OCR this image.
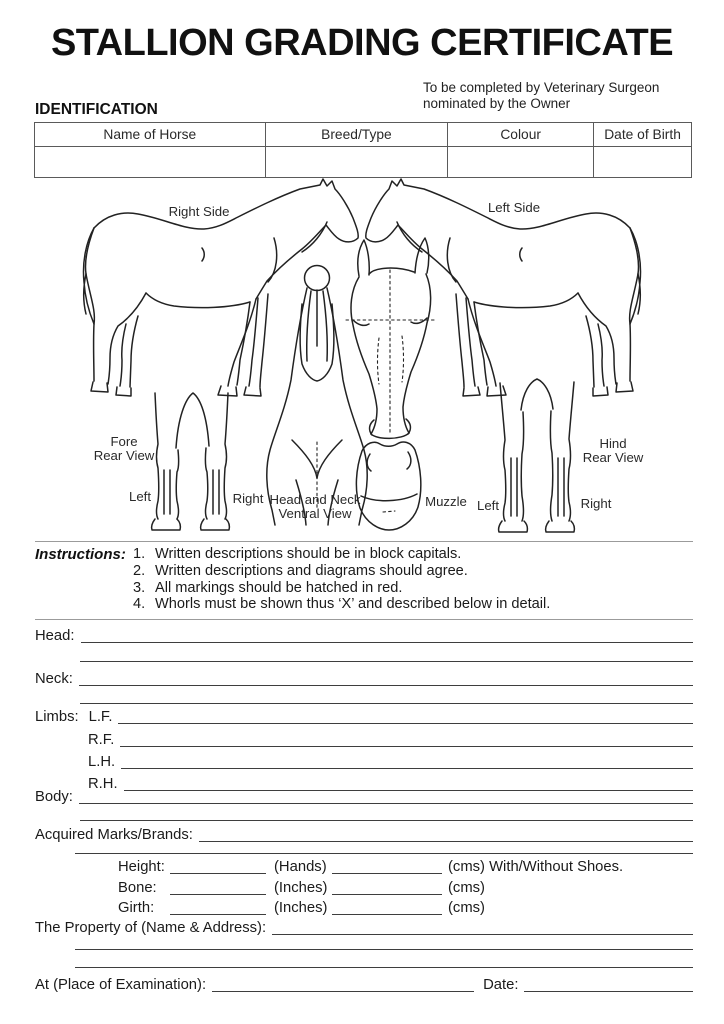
STALLION GRADING CERTIFICATE
To be completed by Veterinary Surgeon
nominated by the Owner
IDENTIFICATION
Name of Horse	Breed/Type	Colour	Date of Birth

Right Side	Left Side
Fore
Rear View
Left	Right Head and Neck
Ventral View
Muzzle
Hind
Rear View
Left	Right
Instructions: 1. Written descriptions should be in block capitals.
2. Written descriptions and diagrams should agree.
3. All markings should be hatched in red.
4. Whorls must be shown thus ‘X’ and described below in detail.
Head:
Neck:
Limbs: L.F.
R.F.
L.H.
R.H.
Body:
Acquired Marks/Brands:
Height:	(Hands)	(cms) With/Without Shoes.
Bone:	(Inches)	(cms)
Girth:	(Inches)	(cms)
The Property of (Name & Address):
At (Place of Examination):	Date:
